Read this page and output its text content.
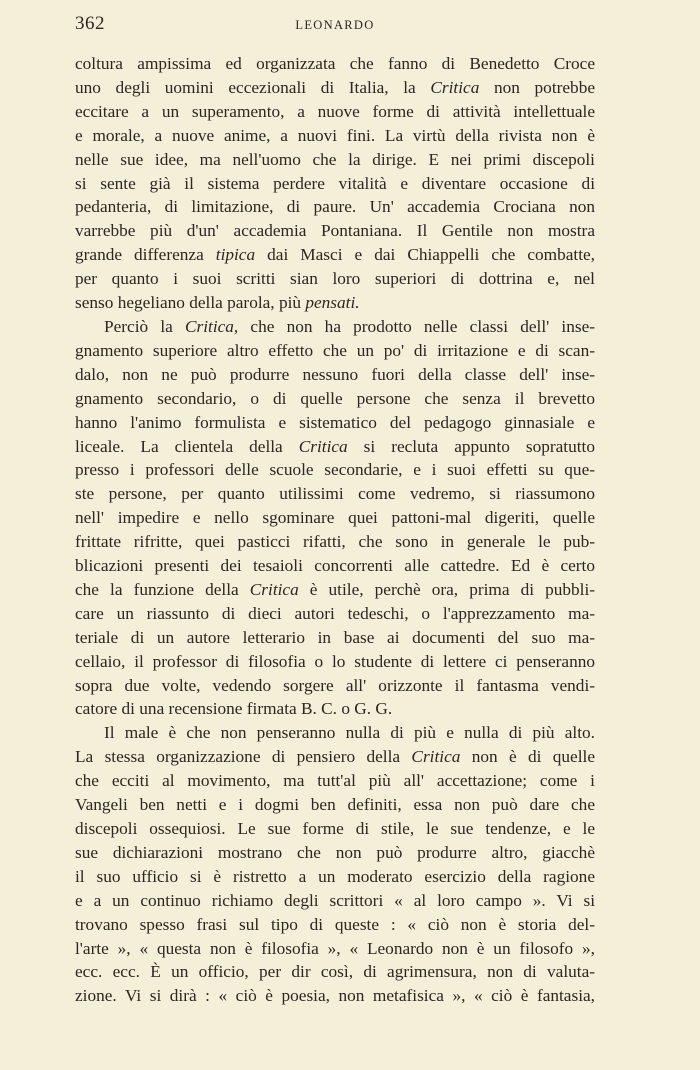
362	LEONARDO
coltura ampissima ed organizzata che fanno di Benedetto Croce
uno degli uomini eccezionali di Italia, la Critica non potrebbe
eccitare a un superamento, a nuove forme di attività intellettuale
e morale, a nuove anime, a nuovi fini. La virtù della rivista non è
nelle sue idee, ma nell'uomo che la dirige. E nei primi discepoli
si sente già il sistema perdere vitalità e diventare occasione di
pedanteria, di limitazione, di paure. Un' accademia Crociana non
varrebbe più d'un' accademia Pontaniana. Il Gentile non mostra
grande differenza tipica dai Masci e dai Chiappelli che combatte,
per quanto i suoi scritti sian loro superiori di dottrina e, nel
senso hegeliano della parola, più pensati.
Perciò la Critica, che non ha prodotto nelle classi dell' inse-
gnamento superiore altro effetto che un po' di irritazione e di scan-
dalo, non ne può produrre nessuno fuori della classe dell' inse-
gnamento secondario, o di quelle persone che senza il brevetto
hanno l'animo formulista e sistematico del pedagogo ginnasiale e
liceale. La clientela della Critica si recluta appunto sopratutto
presso i professori delle scuole secondarie, e i suoi effetti su que-
ste persone, per quanto utilissimi come vedremo, si riassumono
nell' impedire e nello sgominare quei pattoni-mal digeriti, quelle
frittate rifritte, quei pasticci rifatti, che sono in generale le pub-
blicazioni presenti dei tesaioli concorrenti alle cattedre. Ed è certo
che la funzione della Critica è utile, perchè ora, prima di pubbli-
care un riassunto di dieci autori tedeschi, o l'apprezzamento ma-
teriale di un autore letterario in base ai documenti del suo ma-
cellaio, il professor di filosofia o lo studente di lettere ci penseranno
sopra due volte, vedendo sorgere all' orizzonte il fantasma vendi-
catore di una recensione firmata B. C. o G. G.
Il male è che non penseranno nulla di più e nulla di più alto.
La stessa organizzazione di pensiero della Critica non è di quelle
che ecciti al movimento, ma tutt'al più all' accettazione; come i
Vangeli ben netti e i dogmi ben definiti, essa non può dare che
discepoli ossequiosi. Le sue forme di stile, le sue tendenze, e le
sue dichiarazioni mostrano che non può produrre altro, giacchè
il suo ufficio si è ristretto a un moderato esercizio della ragione
e a un continuo richiamo degli scrittori « al loro campo ». Vi si
trovano spesso frasi sul tipo di queste : « ciò non è storia del-
l'arte », « questa non è filosofia », « Leonardo non è un filosofo »,
ecc. ecc. È un officio, per dir così, di agrimensura, non di valuta-
zione. Vi si dirà : « ciò è poesia, non metafisica », « ciò è fantasia,
